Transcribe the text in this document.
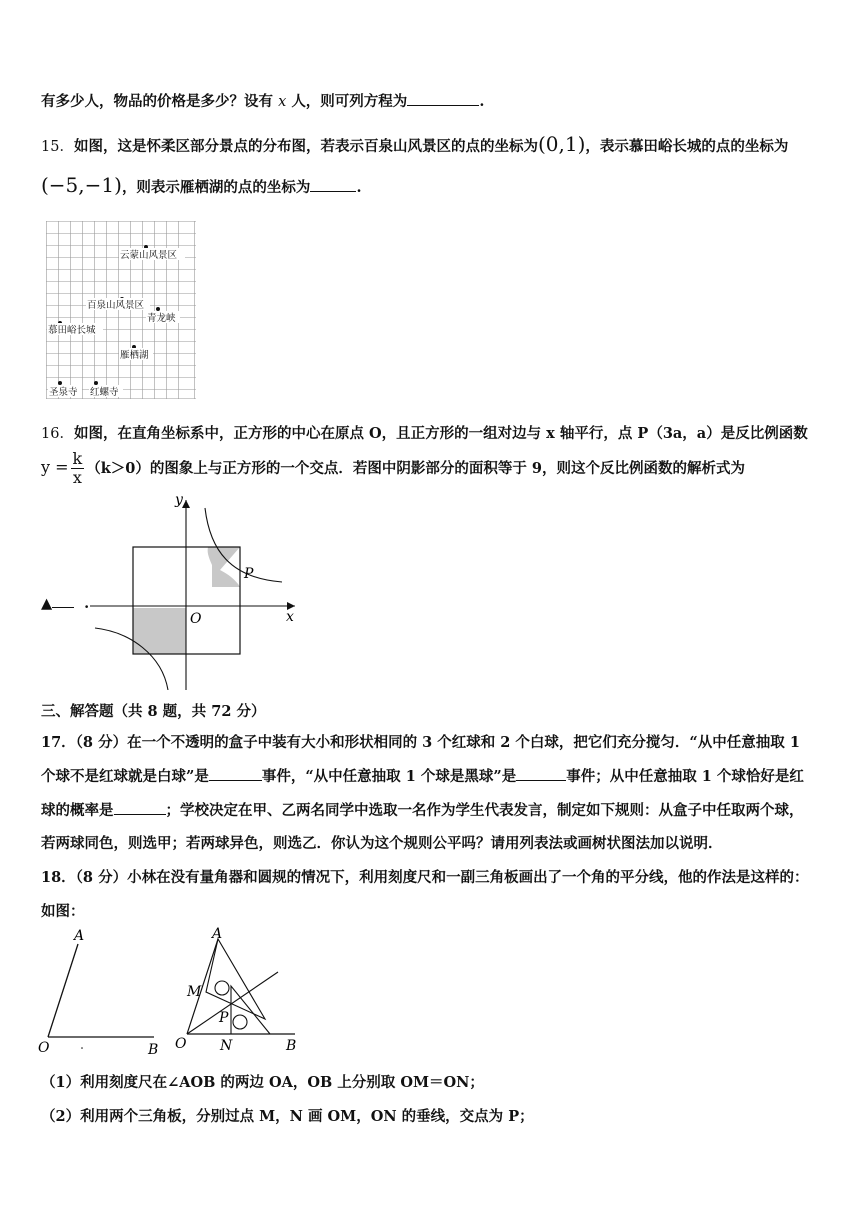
有多少人，物品的价格是多少？设有 x 人，则可列方程为	.
15．如图，这是怀柔区部分景点的分布图，若表示百泉山风景区的点的坐标为(0,1)，表示慕田峪长城的点的坐标为
(−5,−1)，则表示雁栖湖的点的坐标为	.
云蒙山风景区
百泉山风景区
青龙峡
慕田峪长城
雁栖湖
圣泉寺 红螺寺
16．如图，在直角坐标系中，正方形的中心在原点 O，且正方形的一组对边与 x 轴平行，点 P（3a，a）是反比例函数
$y = \frac{k}{x} (k>0)$的图象上与正方形的一个交点．若图中阴影部分的面积等于 9，则这个反比例函数的解析式为
▲ .
y
x
O
P
三、解答题（共 8 题，共 72 分）
17．（8 分）在一个不透明的盒子中装有大小和形状相同的 3 个红球和 2 个白球，把它们充分搅匀．“从中任意抽取 1
个球不是红球就是白球”是	事件，“从中任意抽取 1 个球是黑球”是	事件；从中任意抽取 1 个球恰好是红
球的概率是	；学校决定在甲、乙两名同学中选取一名作为学生代表发言，制定如下规则：从盒子中任取两个球，
若两球同色，则选甲；若两球异色，则选乙．你认为这个规则公平吗？请用列表法或画树状图法加以说明．
18．（8 分）小林在没有量角器和圆规的情况下，利用刻度尺和一副三角板画出了一个角的平分线，他的作法是这样的：
如图：
A
O	B
A
M
P
O N	B
（1）利用刻度尺在∠AOB 的两边 OA，OB 上分别取 OM＝ON；
（2）利用两个三角板，分别过点 M，N 画 OM，ON 的垂线，交点为 P；
